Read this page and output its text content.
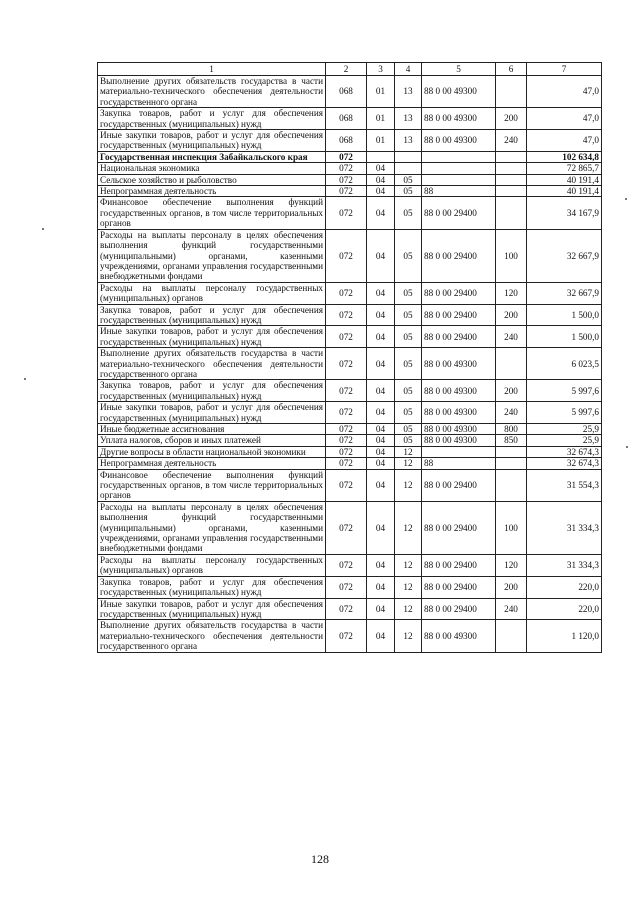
1	2	3	4	5	6	7
Выполнение других обязательств государства в части материально-технического обеспечения деятельности государственного органа	068	01	13	88 0 00 49300		47,0
Закупка товаров, работ и услуг для обеспечения государственных (муниципальных) нужд	068	01	13	88 0 00 49300	200	47,0
Иные закупки товаров, работ и услуг для обеспечения государственных (муниципальных) нужд	068	01	13	88 0 00 49300	240	47,0
Государственная инспекция Забайкальского края	072					102 634,8
Национальная экономика	072	04				72 865,7
Сельское хозяйство и рыболовство	072	04	05			40 191,4
Непрограммная деятельность	072	04	05	88		40 191,4
Финансовое обеспечение выполнения функций государственных органов, в том числе территориальных органов	072	04	05	88 0 00 29400		34 167,9
Расходы на выплаты персоналу в целях обеспечения выполнения функций государственными (муниципальными) органами, казенными учреждениями, органами управления государственными внебюджетными фондами	072	04	05	88 0 00 29400	100	32 667,9
Расходы на выплаты персоналу государственных (муниципальных) органов	072	04	05	88 0 00 29400	120	32 667,9
Закупка товаров, работ и услуг для обеспечения государственных (муниципальных) нужд	072	04	05	88 0 00 29400	200	1 500,0
Иные закупки товаров, работ и услуг для обеспечения государственных (муниципальных) нужд	072	04	05	88 0 00 29400	240	1 500,0
Выполнение других обязательств государства в части материально-технического обеспечения деятельности государственного органа	072	04	05	88 0 00 49300		6 023,5
Закупка товаров, работ и услуг для обеспечения государственных (муниципальных) нужд	072	04	05	88 0 00 49300	200	5 997,6
Иные закупки товаров, работ и услуг для обеспечения государственных (муниципальных) нужд	072	04	05	88 0 00 49300	240	5 997,6
Иные бюджетные ассигнования	072	04	05	88 0 00 49300	800	25,9
Уплата налогов, сборов и иных платежей	072	04	05	88 0 00 49300	850	25,9
Другие вопросы в области национальной экономики	072	04	12			32 674,3
Непрограммная деятельность	072	04	12	88		32 674,3
Финансовое обеспечение выполнения функций государственных органов, в том числе территориальных органов	072	04	12	88 0 00 29400		31 554,3
Расходы на выплаты персоналу в целях обеспечения выполнения функций государственными (муниципальными) органами, казенными учреждениями, органами управления государственными внебюджетными фондами	072	04	12	88 0 00 29400	100	31 334,3
Расходы на выплаты персоналу государственных (муниципальных) органов	072	04	12	88 0 00 29400	120	31 334,3
Закупка товаров, работ и услуг для обеспечения государственных (муниципальных) нужд	072	04	12	88 0 00 29400	200	220,0
Иные закупки товаров, работ и услуг для обеспечения государственных (муниципальных) нужд	072	04	12	88 0 00 29400	240	220,0
Выполнение других обязательств государства в части материально-технического обеспечения деятельности государственного органа	072	04	12	88 0 00 49300		1 120,0
128
